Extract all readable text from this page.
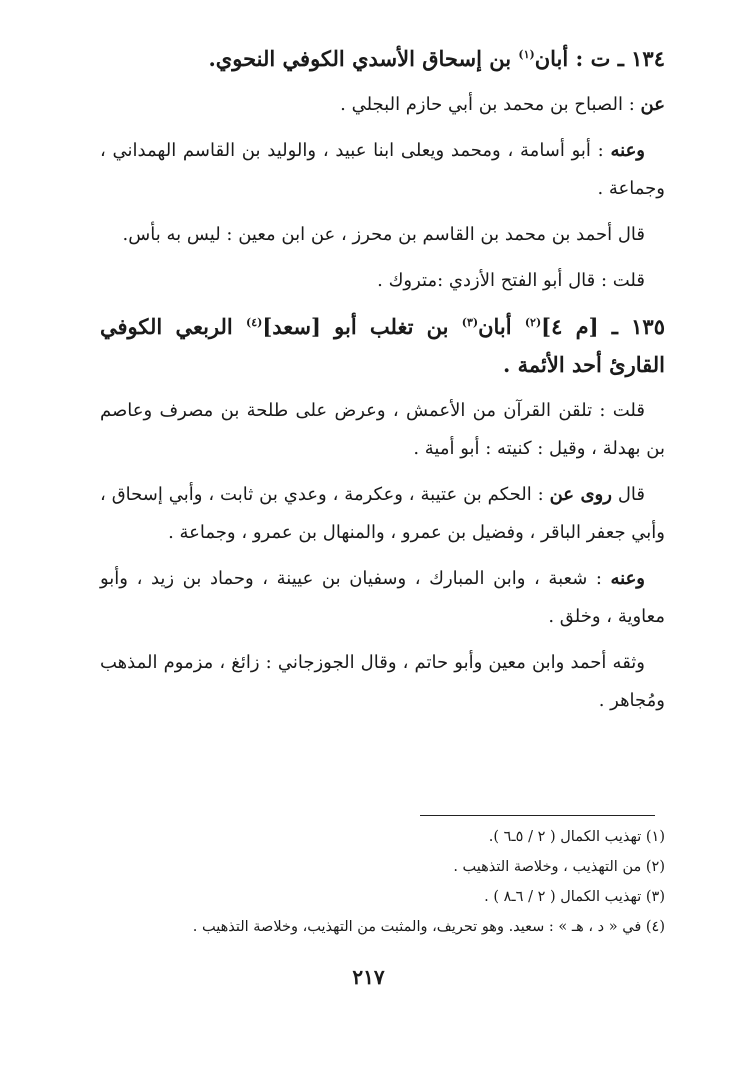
١٣٤ ـ ت : أبان$^{(١)}$ بن إسحاق الأسدي الكوفي النحوي.

عن : الصباح بن محمد بن أبي حازم البجلي .

وعنه : أبو أسامة ، ومحمد ويعلى ابنا عبيد ، والوليد بن القاسم الهمداني ، وجماعة .

قال أحمد بن محمد بن القاسم بن محرز ، عن ابن معين : ليس به بأس.

قلت : قال أبو الفتح الأزدي :متروك .

١٣٥ ـ [م ٤]$^{(٢)}$ أبان$^{(٣)}$ بن تغلب أبو [سعد]$^{(٤)}$ الربعي الكوفي القارئ أحد الأئمة .

قلت : تلقن القرآن من الأعمش ، وعرض على طلحة بن مصرف وعاصم بن بهدلة ، وقيل : كنيته : أبو أمية .

قال روى عن : الحكم بن عتيبة ، وعكرمة ، وعدي بن ثابت ، وأبي إسحاق ، وأبي جعفر الباقر ، وفضيل بن عمرو ، والمنهال بن عمرو ، وجماعة .

وعنه : شعبة ، وابن المبارك ، وسفيان بن عيينة ، وحماد بن زيد ، وأبو معاوية ، وخلق .

وثقه أحمد وابن معين وأبو حاتم ، وقال الجوزجاني : زائغ ، مزموم المذهب ومُجاهر .

(١) تهذيب الكمال ( ٢ / ٥ـ٦ ).

(٢) من التهذيب ، وخلاصة التذهيب .

(٣) تهذيب الكمال ( ٢ / ٦ـ٨ ) .

(٤) في « د ، هـ » : سعيد. وهو تحريف، والمثبت من التهذيب، وخلاصة التذهيب .

٢١٧
